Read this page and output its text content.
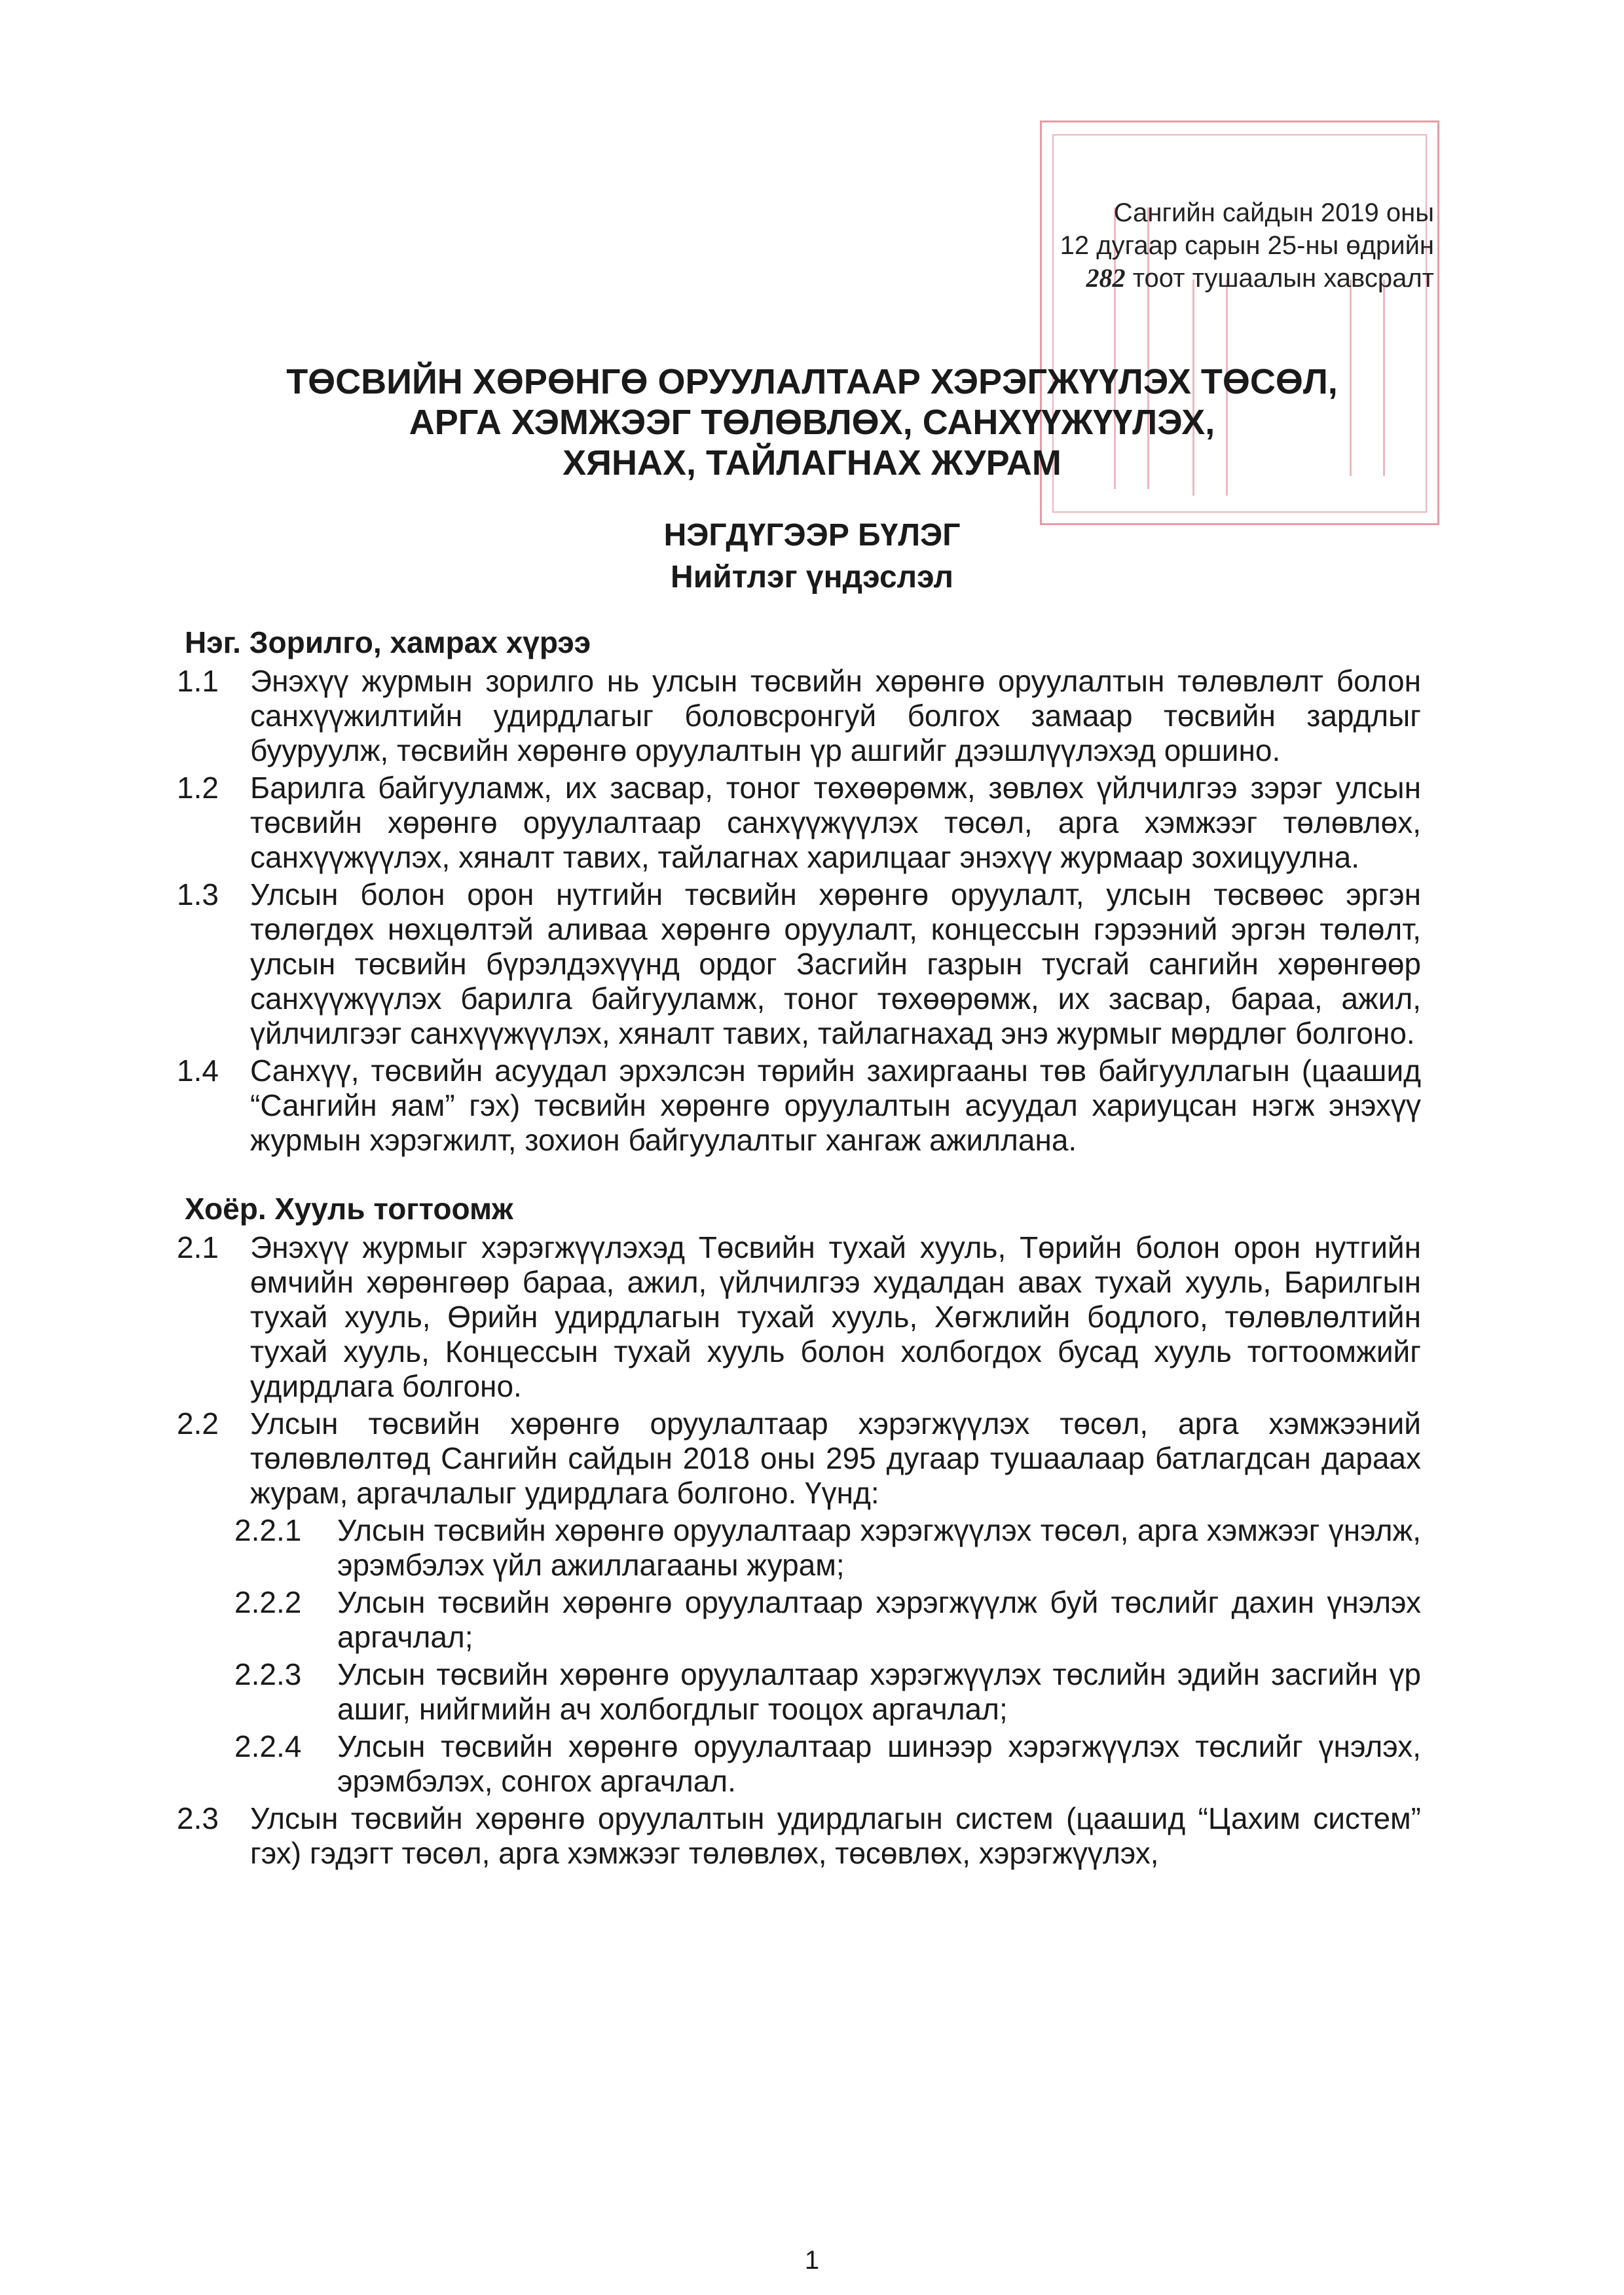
Сангийн сайдын 2019 оны
12 дугаар сарын 25-ны өдрийн
282 тоот тушаалын хавсралт
ТӨСВИЙН ХӨРӨНГӨ ОРУУЛАЛТААР ХЭРЭГЖҮҮЛЭХ ТӨСӨЛ,
АРГА ХЭМЖЭЭГ ТӨЛӨВЛӨХ, САНХҮҮЖҮҮЛЭХ,
ХЯНАХ, ТАЙЛАГНАХ ЖУРАМ
НЭГДҮГЭЭР БҮЛЭГ
Нийтлэг үндэслэл
Нэг. Зорилго, хамрах хүрээ
1.1 Энэхүү журмын зорилго нь улсын төсвийн хөрөнгө оруулалтын төлөвлөлт болон санхүүжилтийн удирдлагыг боловсронгуй болгох замаар төсвийн зардлыг бууруулж, төсвийн хөрөнгө оруулалтын үр ашгийг дээшлүүлэхэд оршино.
1.2 Барилга байгууламж, их засвар, тоног төхөөрөмж, зөвлөх үйлчилгээ зэрэг улсын төсвийн хөрөнгө оруулалтаар санхүүжүүлэх төсөл, арга хэмжээг төлөвлөх, санхүүжүүлэх, хяналт тавих, тайлагнах харилцааг энэхүү журмаар зохицуулна.
1.3 Улсын болон орон нутгийн төсвийн хөрөнгө оруулалт, улсын төсвөөс эргэн төлөгдөх нөхцөлтэй аливаа хөрөнгө оруулалт, концессын гэрээний эргэн төлөлт, улсын төсвийн бүрэлдэхүүнд ордог Засгийн газрын тусгай сангийн хөрөнгөөр санхүүжүүлэх барилга байгууламж, тоног төхөөрөмж, их засвар, бараа, ажил, үйлчилгээг санхүүжүүлэх, хяналт тавих, тайлагнахад энэ журмыг мөрдлөг болгоно.
1.4 Санхүү, төсвийн асуудал эрхэлсэн төрийн захиргааны төв байгууллагын (цаашид “Сангийн яам” гэх) төсвийн хөрөнгө оруулалтын асуудал хариуцсан нэгж энэхүү журмын хэрэгжилт, зохион байгуулалтыг хангаж ажиллана.
Хоёр. Хууль тогтоомж
2.1 Энэхүү журмыг хэрэгжүүлэхэд Төсвийн тухай хууль, Төрийн болон орон нутгийн өмчийн хөрөнгөөр бараа, ажил, үйлчилгээ худалдан авах тухай хууль, Барилгын тухай хууль, Өрийн удирдлагын тухай хууль, Хөгжлийн бодлого, төлөвлөлтийн тухай хууль, Концессын тухай хууль болон холбогдох бусад хууль тогтоомжийг удирдлага болгоно.
2.2 Улсын төсвийн хөрөнгө оруулалтаар хэрэгжүүлэх төсөл, арга хэмжээний төлөвлөлтөд Сангийн сайдын 2018 оны 295 дугаар тушаалаар батлагдсан дараах журам, аргачлалыг удирдлага болгоно. Үүнд:
2.2.1 Улсын төсвийн хөрөнгө оруулалтаар хэрэгжүүлэх төсөл, арга хэмжээг үнэлж, эрэмбэлэх үйл ажиллагааны журам;
2.2.2 Улсын төсвийн хөрөнгө оруулалтаар хэрэгжүүлж буй төслийг дахин үнэлэх аргачлал;
2.2.3 Улсын төсвийн хөрөнгө оруулалтаар хэрэгжүүлэх төслийн эдийн засгийн үр ашиг, нийгмийн ач холбогдлыг тооцох аргачлал;
2.2.4 Улсын төсвийн хөрөнгө оруулалтаар шинээр хэрэгжүүлэх төслийг үнэлэх, эрэмбэлэх, сонгох аргачлал.
2.3 Улсын төсвийн хөрөнгө оруулалтын удирдлагын систем (цаашид “Цахим систем” гэх) гэдэгт төсөл, арга хэмжээг төлөвлөх, төсөвлөх, хэрэгжүүлэх,
1
